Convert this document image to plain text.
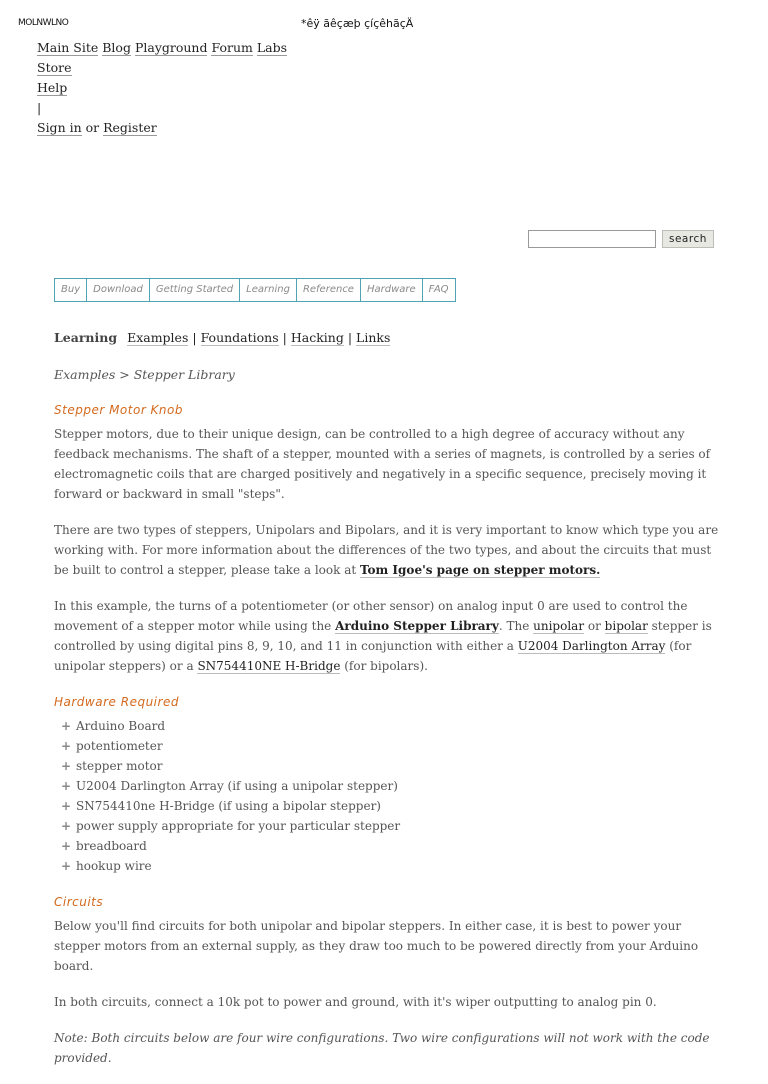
MOLNWLNO	*êÿ ãêçæþ çíçêhãçÄ
Main Site Blog Playground Forum Labs Store
Help
|
Sign in or Register
search
Buy	Download	Getting Started	Learning	Reference	Hardware	FAQ
Learning Examples | Foundations | Hacking | Links
Examples > Stepper Library
Stepper Motor Knob

Stepper motors, due to their unique design, can be controlled to a high degree of accuracy without any feedback mechanisms. The shaft of a stepper, mounted with a series of magnets, is controlled by a series of electromagnetic coils that are charged positively and negatively in a specific sequence, precisely moving it forward or backward in small "steps".

There are two types of steppers, Unipolars and Bipolars, and it is very important to know which type you are working with. For more information about the differences of the two types, and about the circuits that must be built to control a stepper, please take a look at Tom Igoe's page on stepper motors.

In this example, the turns of a potentiometer (or other sensor) on analog input 0 are used to control the movement of a stepper motor while using the Arduino Stepper Library. The unipolar or bipolar stepper is controlled by using digital pins 8, 9, 10, and 11 in conjunction with either a U2004 Darlington Array (for unipolar steppers) or a SN754410NE H-Bridge (for bipolars).

Hardware Required
+ Arduino Board
+ potentiometer
+ stepper motor
+ U2004 Darlington Array (if using a unipolar stepper)
+ SN754410ne H-Bridge (if using a bipolar stepper)
+ power supply appropriate for your particular stepper
+ breadboard
+ hookup wire
Circuits

Below you'll find circuits for both unipolar and bipolar steppers. In either case, it is best to power your stepper motors from an external supply, as they draw too much to be powered directly from your Arduino board.

In both circuits, connect a 10k pot to power and ground, with it's wiper outputting to analog pin 0.

Note: Both circuits below are four wire configurations. Two wire configurations will not work with the code provided.
